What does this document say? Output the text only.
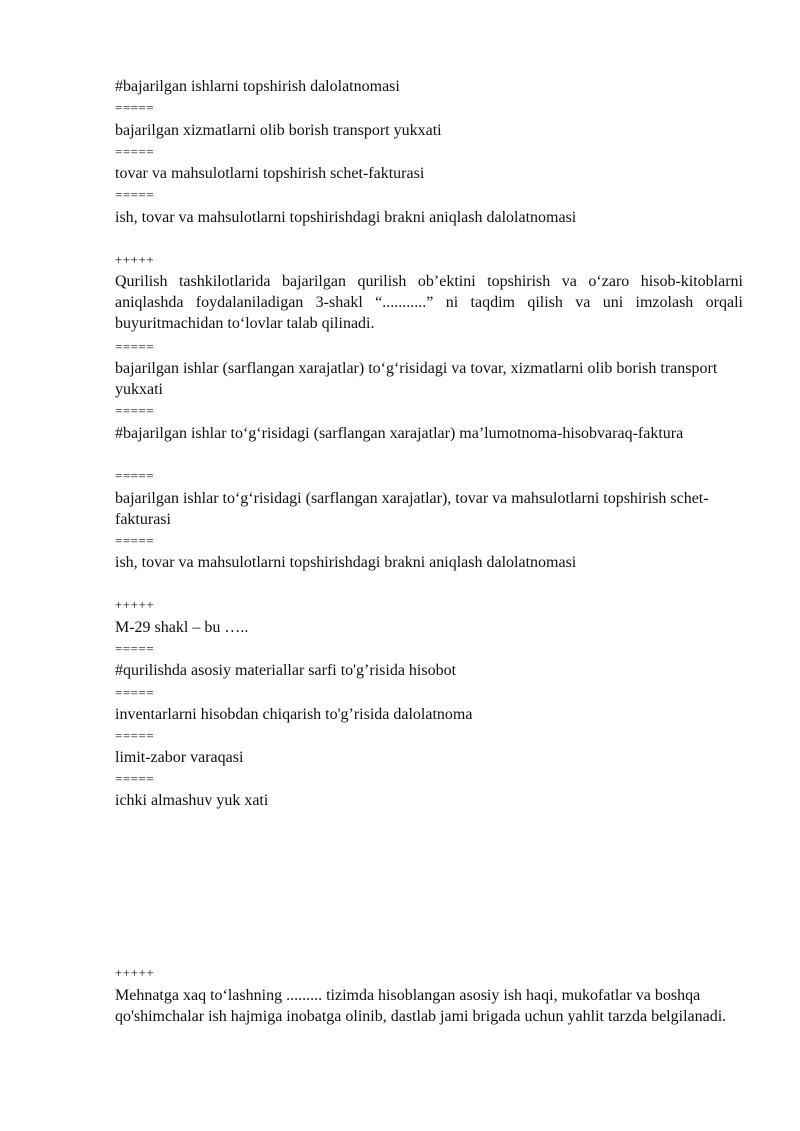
#bajarilgan ishlarni topshirish dalolatnomasi
=====
bajarilgan xizmatlarni olib borish transport yukxati
=====
tovar va mahsulotlarni topshirish schet-fakturasi
=====
ish, tovar va mahsulotlarni topshirishdagi brakni aniqlash dalolatnomasi
+++++
Qurilish tashkilotlarida bajarilgan qurilish ob’ektini topshirish va o‘zaro hisob-kitoblarni aniqlashda foydalaniladigan 3-shakl “...........” ni taqdim qilish va uni imzolash orqali buyuritmachidan to‘lovlar talab qilinadi.
=====
bajarilgan ishlar (sarflangan xarajatlar) to‘g‘risidagi va tovar, xizmatlarni olib borish transport yukxati
=====
#bajarilgan ishlar to‘g‘risidagi (sarflangan xarajatlar) ma’lumotnoma-hisobvaraq-faktura
=====
bajarilgan ishlar to‘g‘risidagi (sarflangan xarajatlar), tovar va mahsulotlarni topshirish schet-fakturasi
=====
ish, tovar va mahsulotlarni topshirishdagi brakni aniqlash dalolatnomasi
+++++
M-29 shakl – bu …..
=====
#qurilishda asosiy materiallar sarfi to'g’risida hisobot
=====
inventarlarni hisobdan chiqarish to'g’risida dalolatnoma
=====
limit-zabor varaqasi
=====
ichki almashuv yuk xati
+++++
Mehnatga xaq to‘lashning ......... tizimda hisoblangan asosiy ish haqi, mukofatlar va boshqa qo'shimchalar ish hajmiga inobatga olinib, dastlab jami brigada uchun yahlit tarzda belgilanadi.
